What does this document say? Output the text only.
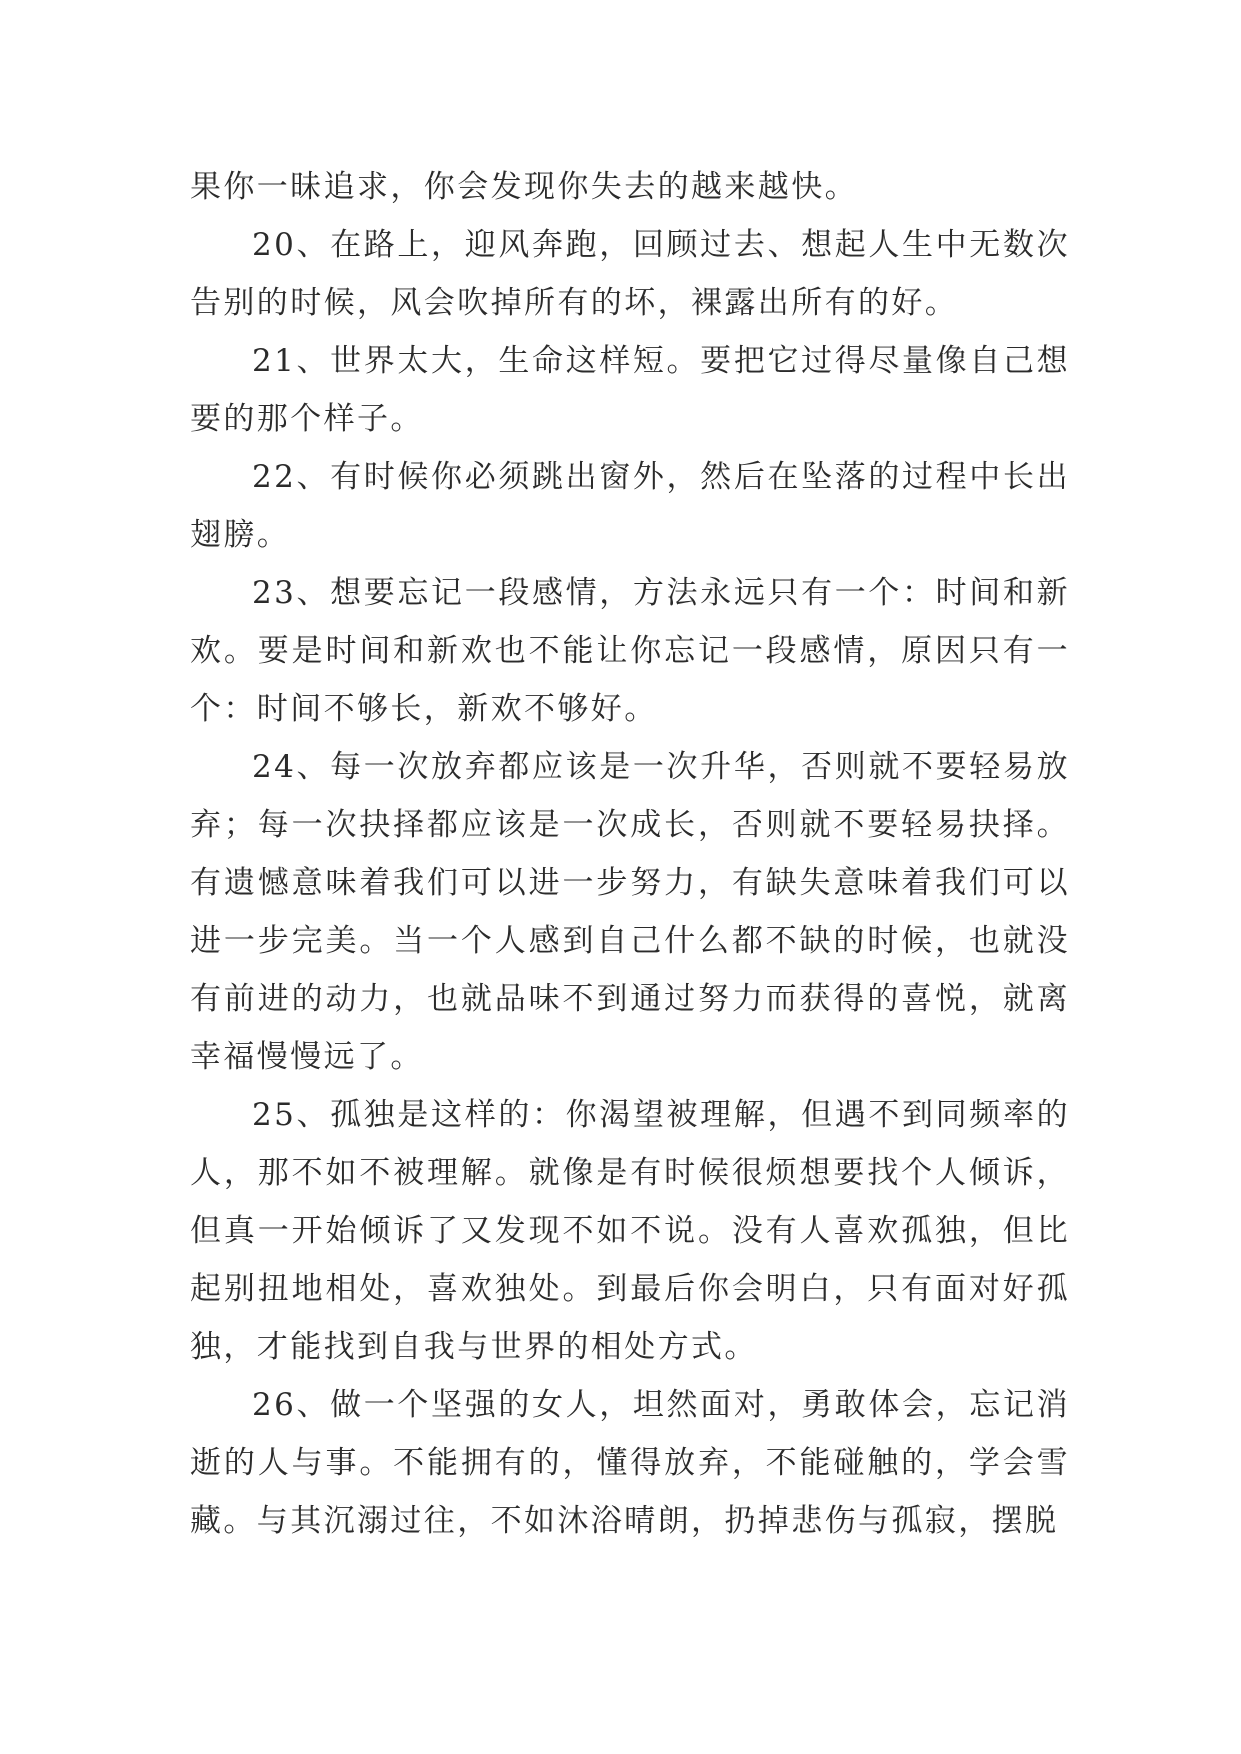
果你一昧追求，你会发现你失去的越来越快。

20、在路上，迎风奔跑，回顾过去、想起人生中无数次告别的时候，风会吹掉所有的坏，裸露出所有的好。

21、世界太大，生命这样短。要把它过得尽量像自己想要的那个样子。

22、有时候你必须跳出窗外，然后在坠落的过程中长出翅膀。

23、想要忘记一段感情，方法永远只有一个：时间和新欢。要是时间和新欢也不能让你忘记一段感情，原因只有一个：时间不够长，新欢不够好。

24、每一次放弃都应该是一次升华，否则就不要轻易放弃；每一次抉择都应该是一次成长，否则就不要轻易抉择。有遗憾意味着我们可以进一步努力，有缺失意味着我们可以进一步完美。当一个人感到自己什么都不缺的时候，也就没有前进的动力，也就品味不到通过努力而获得的喜悦，就离幸福慢慢远了。

25、孤独是这样的：你渴望被理解，但遇不到同频率的人，那不如不被理解。就像是有时候很烦想要找个人倾诉，但真一开始倾诉了又发现不如不说。没有人喜欢孤独，但比起别扭地相处，喜欢独处。到最后你会明白，只有面对好孤独，才能找到自我与世界的相处方式。

26、做一个坚强的女人，坦然面对，勇敢体会，忘记消逝的人与事。不能拥有的，懂得放弃，不能碰触的，学会雪藏。与其沉溺过往，不如沐浴晴朗，扔掉悲伤与孤寂，摆脱
